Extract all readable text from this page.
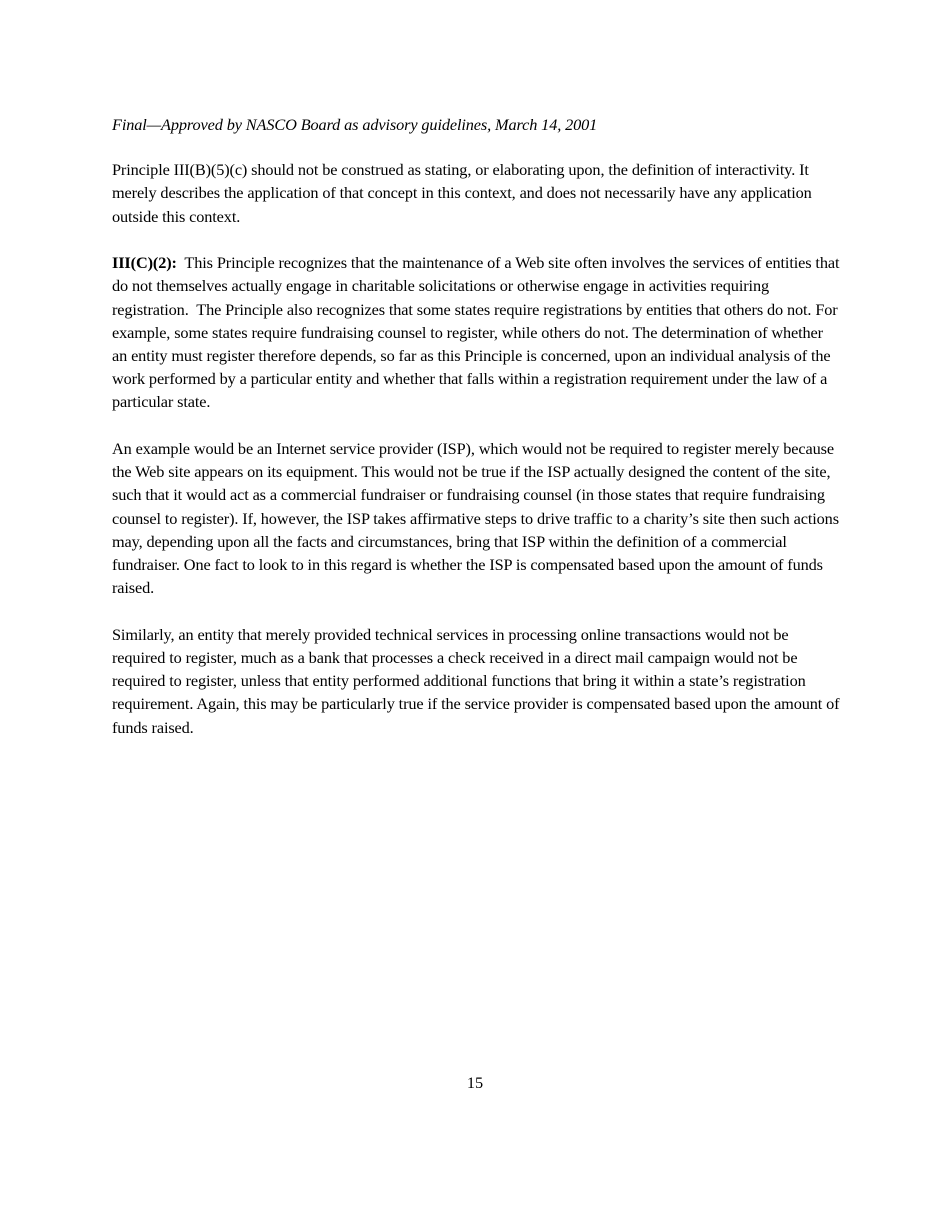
Final—Approved by NASCO Board as advisory guidelines, March 14, 2001

Principle III(B)(5)(c) should not be construed as stating, or elaborating upon, the definition of interactivity. It merely describes the application of that concept in this context, and does not necessarily have any application outside this context.

III(C)(2):  This Principle recognizes that the maintenance of a Web site often involves the services of entities that do not themselves actually engage in charitable solicitations or otherwise engage in activities requiring registration.  The Principle also recognizes that some states require registrations by entities that others do not. For example, some states require fundraising counsel to register, while others do not. The determination of whether an entity must register therefore depends, so far as this Principle is concerned, upon an individual analysis of the work performed by a particular entity and whether that falls within a registration requirement under the law of a particular state.

An example would be an Internet service provider (ISP), which would not be required to register merely because the Web site appears on its equipment. This would not be true if the ISP actually designed the content of the site, such that it would act as a commercial fundraiser or fundraising counsel (in those states that require fundraising counsel to register). If, however, the ISP takes affirmative steps to drive traffic to a charity’s site then such actions may, depending upon all the facts and circumstances, bring that ISP within the definition of a commercial fundraiser. One fact to look to in this regard is whether the ISP is compensated based upon the amount of funds raised.

Similarly, an entity that merely provided technical services in processing online transactions would not be required to register, much as a bank that processes a check received in a direct mail campaign would not be required to register, unless that entity performed additional functions that bring it within a state’s registration requirement. Again, this may be particularly true if the service provider is compensated based upon the amount of funds raised.

15
